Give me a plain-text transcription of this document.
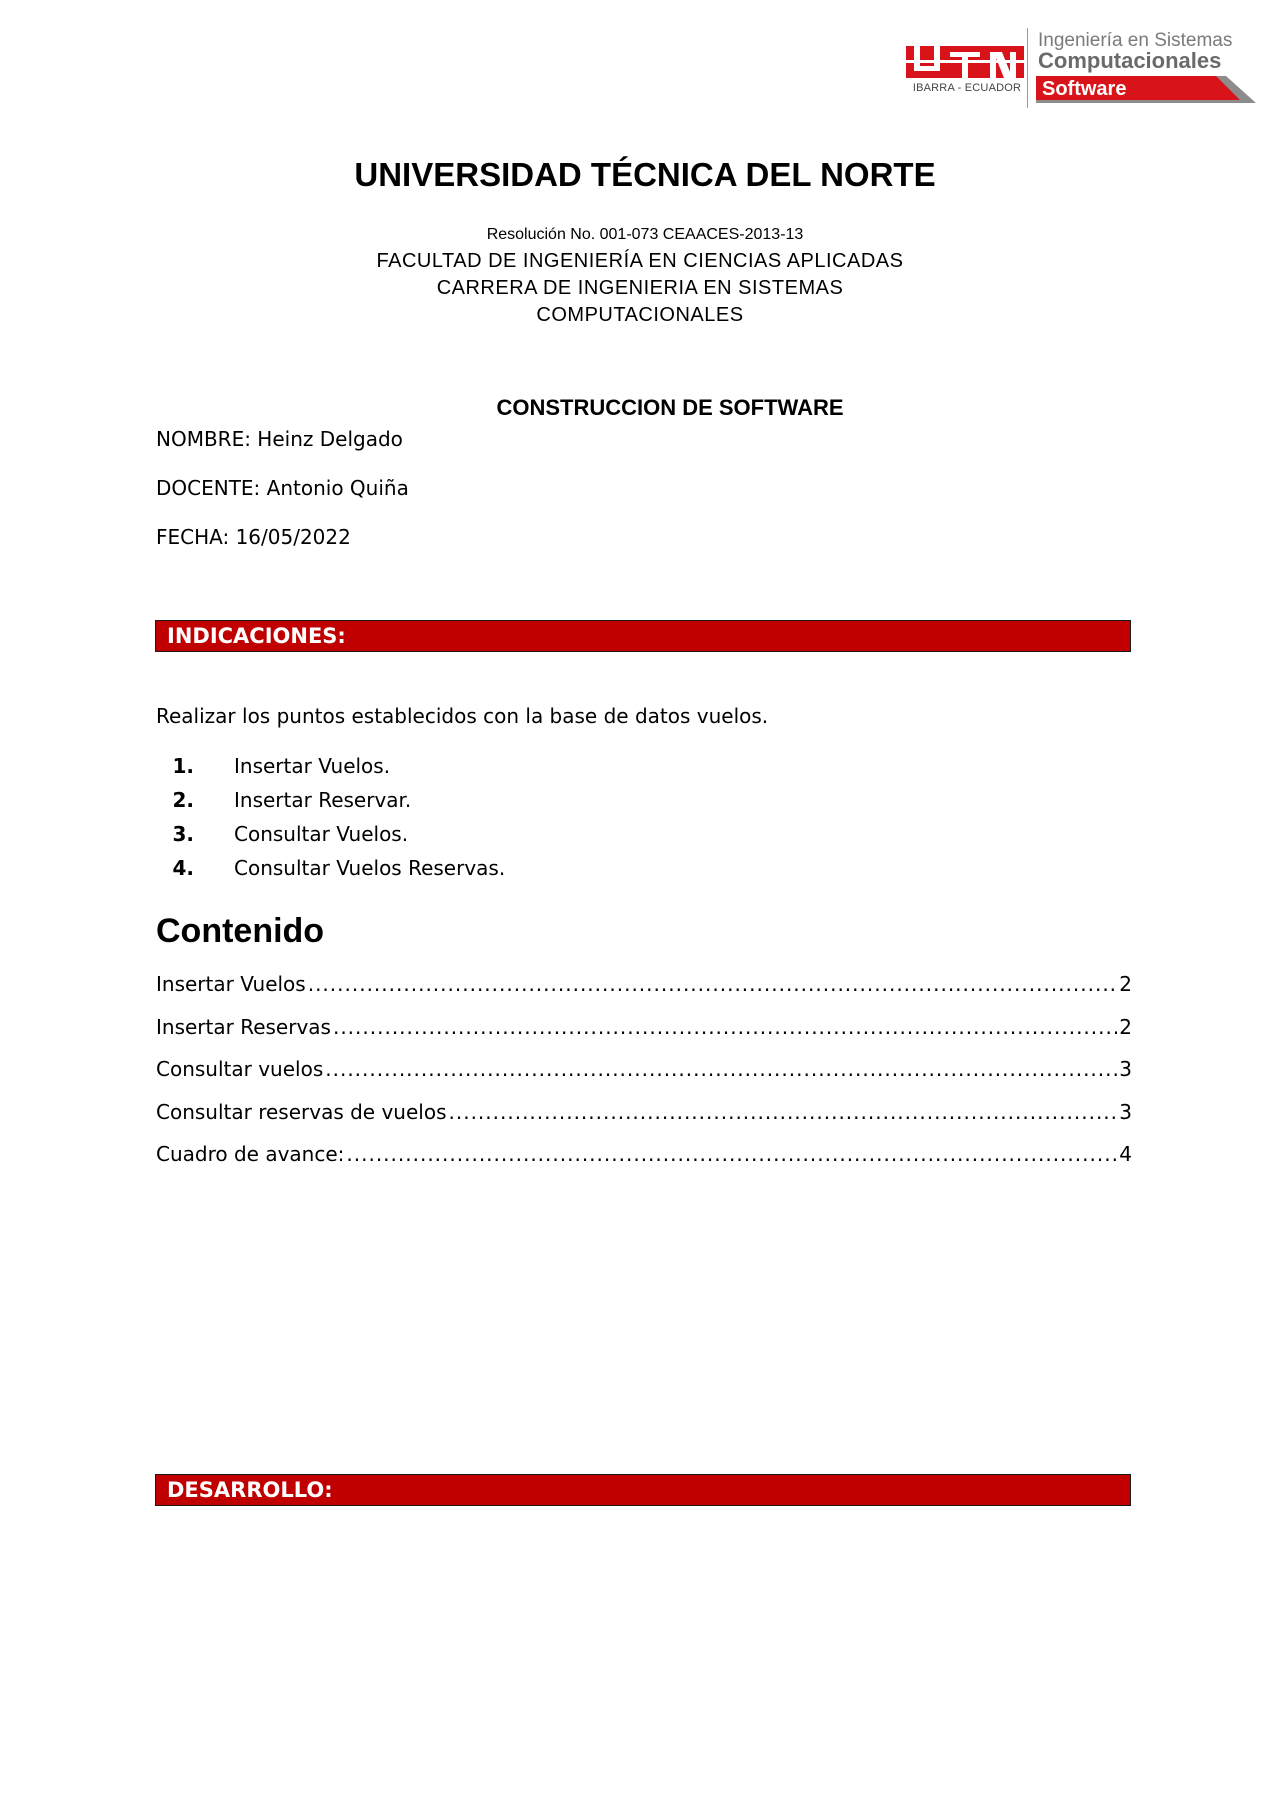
IBARRA - ECUADOR
Ingeniería en Sistemas
Computacionales
Software
UNIVERSIDAD TÉCNICA DEL NORTE
Resolución No. 001-073 CEAACES-2013-13
FACULTAD DE INGENIERÍA EN CIENCIAS APLICADAS
CARRERA DE INGENIERIA EN SISTEMAS
COMPUTACIONALES
CONSTRUCCION DE SOFTWARE
NOMBRE: Heinz Delgado
DOCENTE: Antonio Quiña
FECHA: 16/05/2022
INDICACIONES:
Realizar los puntos establecidos con la base de datos vuelos.
1. Insertar Vuelos.
2. Insertar Reservar.
3. Consultar Vuelos.
4. Consultar Vuelos Reservas.
Contenido
Insertar Vuelos .....	2
Insertar Reservas .....	2
Consultar vuelos .....	3
Consultar reservas de vuelos .....	3
Cuadro de avance: .....	4
DESARROLLO:
